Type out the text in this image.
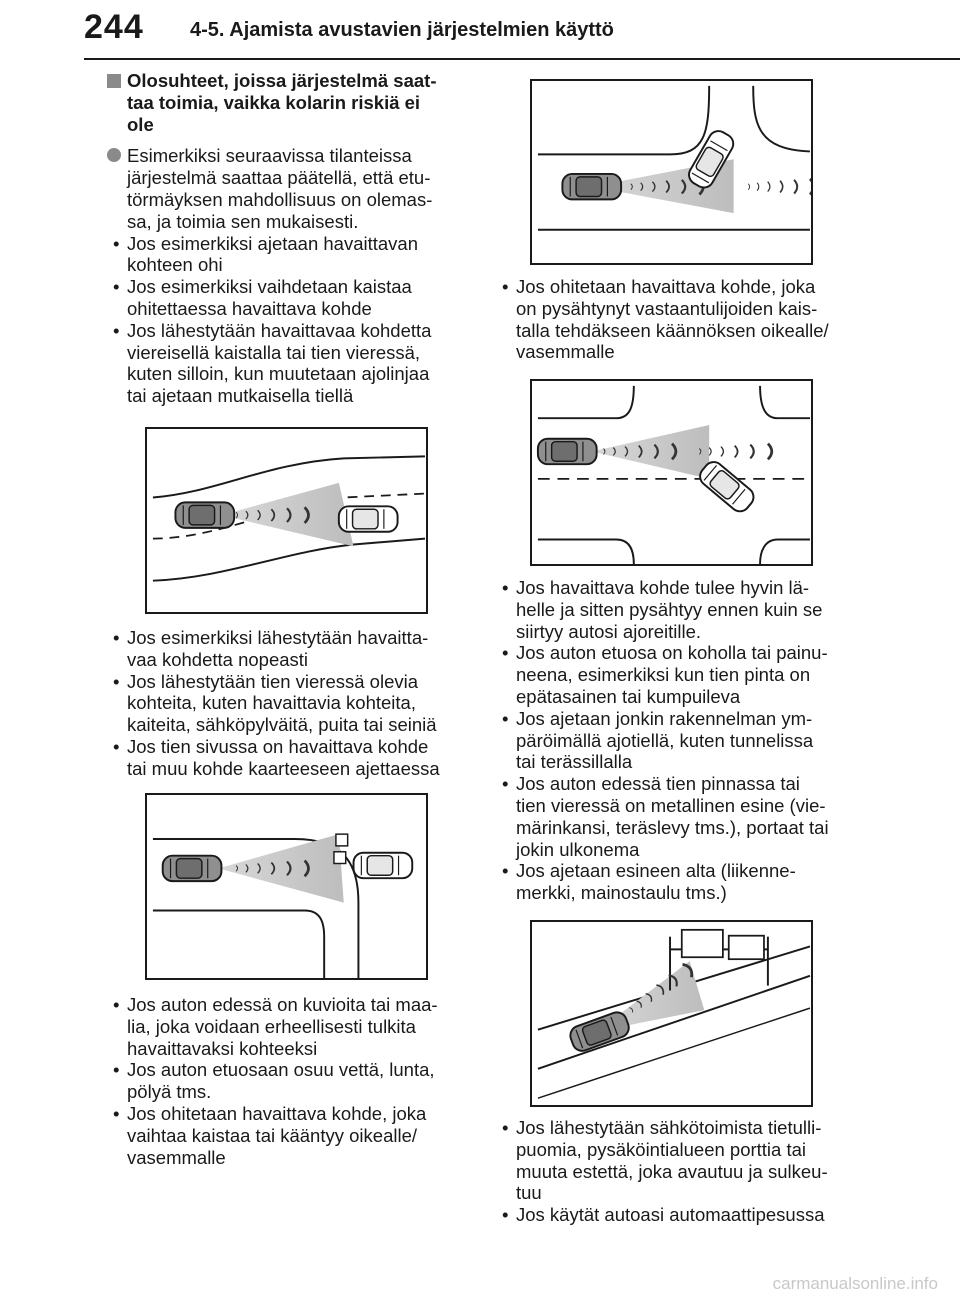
244 4-5. Ajamista avustavien järjestelmien käyttö
Olosuhteet, joissa järjestelmä saat-
taa toimia, vaikka kolarin riskiä ei
ole
Esimerkiksi seuraavissa tilanteissa
järjestelmä saattaa päätellä, että etu-
törmäyksen mahdollisuus on olemas-
sa, ja toimia sen mukaisesti.
• Jos esimerkiksi ajetaan havaittavan
kohteen ohi
• Jos esimerkiksi vaihdetaan kaistaa
ohitettaessa havaittava kohde
• Jos lähestytään havaittavaa kohdetta
viereisellä kaistalla tai tien vieressä,
kuten silloin, kun muutetaan ajolinjaa
tai ajetaan mutkaisella tiellä
• Jos esimerkiksi lähestytään havaitta-
vaa kohdetta nopeasti
• Jos lähestytään tien vieressä olevia
kohteita, kuten havaittavia kohteita,
kaiteita, sähköpylväitä, puita tai seiniä
• Jos tien sivussa on havaittava kohde
tai muu kohde kaarteeseen ajettaessa
• Jos auton edessä on kuvioita tai maa-
lia, joka voidaan erheellisesti tulkita
havaittavaksi kohteeksi
• Jos auton etuosaan osuu vettä, lunta,
pölyä tms.
• Jos ohitetaan havaittava kohde, joka
vaihtaa kaistaa tai kääntyy oikealle/
vasemmalle
• Jos ohitetaan havaittava kohde, joka
on pysähtynyt vastaantulijoiden kais-
talla tehdäkseen käännöksen oikealle/
vasemmalle
• Jos havaittava kohde tulee hyvin lä-
helle ja sitten pysähtyy ennen kuin se
siirtyy autosi ajoreitille.
• Jos auton etuosa on koholla tai painu-
neena, esimerkiksi kun tien pinta on
epätasainen tai kumpuileva
• Jos ajetaan jonkin rakennelman ym-
päröimällä ajotiellä, kuten tunnelissa
tai terässillalla
• Jos auton edessä tien pinnassa tai
tien vieressä on metallinen esine (vie-
märinkansi, teräslevy tms.), portaat tai
jokin ulkonema
• Jos ajetaan esineen alta (liikenne-
merkki, mainostaulu tms.)
• Jos lähestytään sähkötoimista tietulli-
puomia, pysäköintialueen porttia tai
muuta estettä, joka avautuu ja sulkeu-
tuu
• Jos käytät autoasi automaattipesussa
carmanualsonline.info
